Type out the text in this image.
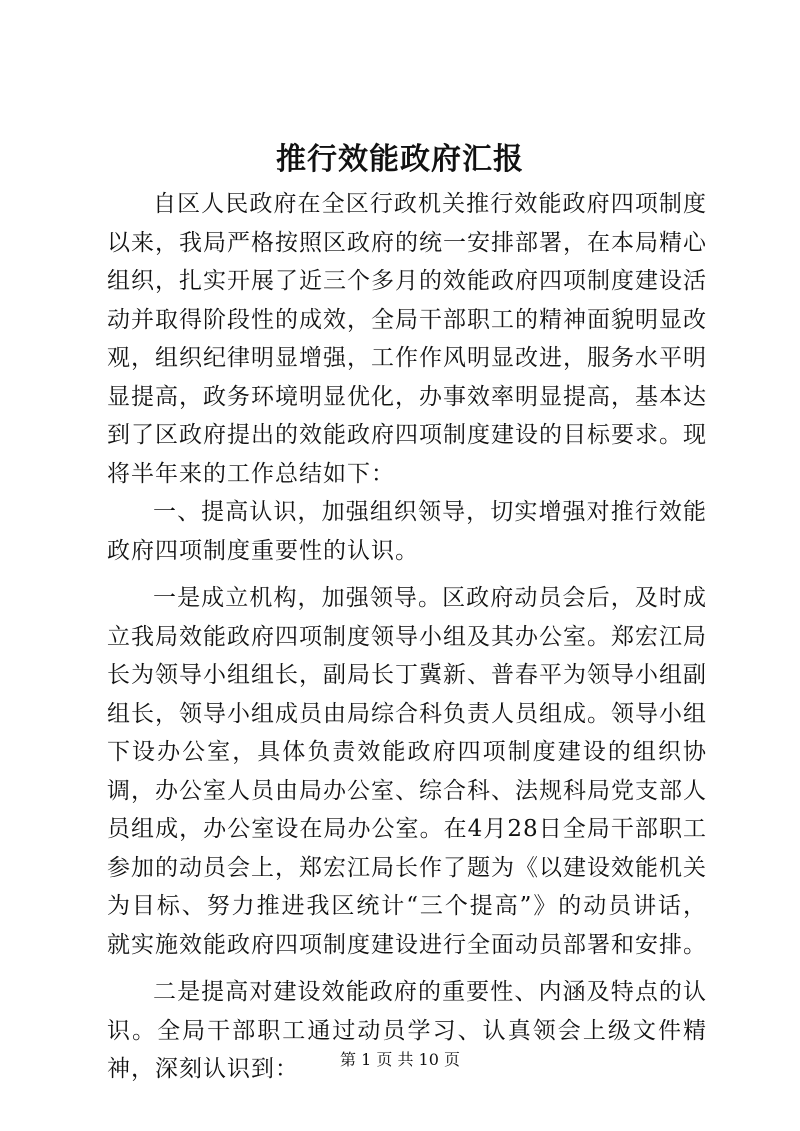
推行效能政府汇报

自区人民政府在全区行政机关推行效能政府四项制度以来，我局严格按照区政府的统一安排部署，在本局精心组织，扎实开展了近三个多月的效能政府四项制度建设活动并取得阶段性的成效，全局干部职工的精神面貌明显改观，组织纪律明显增强，工作作风明显改进，服务水平明显提高，政务环境明显优化，办事效率明显提高，基本达到了区政府提出的效能政府四项制度建设的目标要求。现将半年来的工作总结如下：

一、提高认识，加强组织领导，切实增强对推行效能政府四项制度重要性的认识。

一是成立机构，加强领导。区政府动员会后，及时成立我局效能政府四项制度领导小组及其办公室。郑宏江局长为领导小组组长，副局长丁冀新、普春平为领导小组副组长，领导小组成员由局综合科负责人员组成。领导小组下设办公室，具体负责效能政府四项制度建设的组织协调，办公室人员由局办公室、综合科、法规科局党支部人员组成，办公室设在局办公室。在4月28日全局干部职工参加的动员会上，郑宏江局长作了题为《以建设效能机关为目标、努力推进我区统计“三个提高”》的动员讲话，就实施效能政府四项制度建设进行全面动员部署和安排。

二是提高对建设效能政府的重要性、内涵及特点的认识。全局干部职工通过动员学习、认真领会上级文件精神，深刻认识到：	第 1 页 共 10 页
